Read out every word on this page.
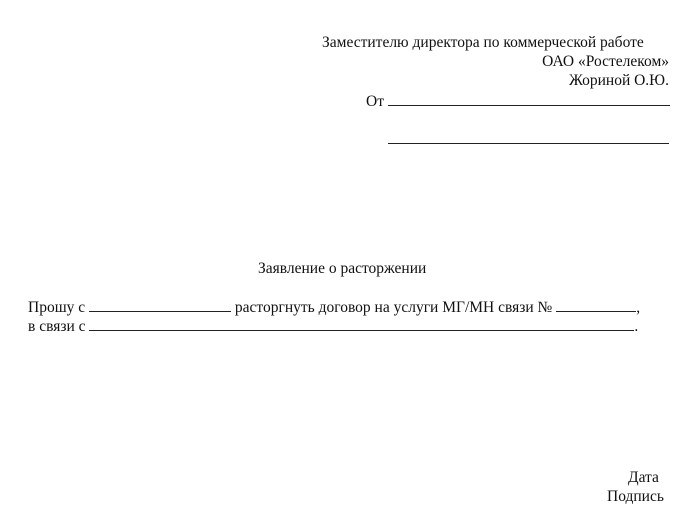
Заместителю директора по коммерческой работе
ОАО «Ростелеком»
Жориной О.Ю.
От
Заявление о расторжении
Прошу с	расторгнуть договор на услуги МГ/МН связи №	,
в связи с	.
Дата
Подпись
